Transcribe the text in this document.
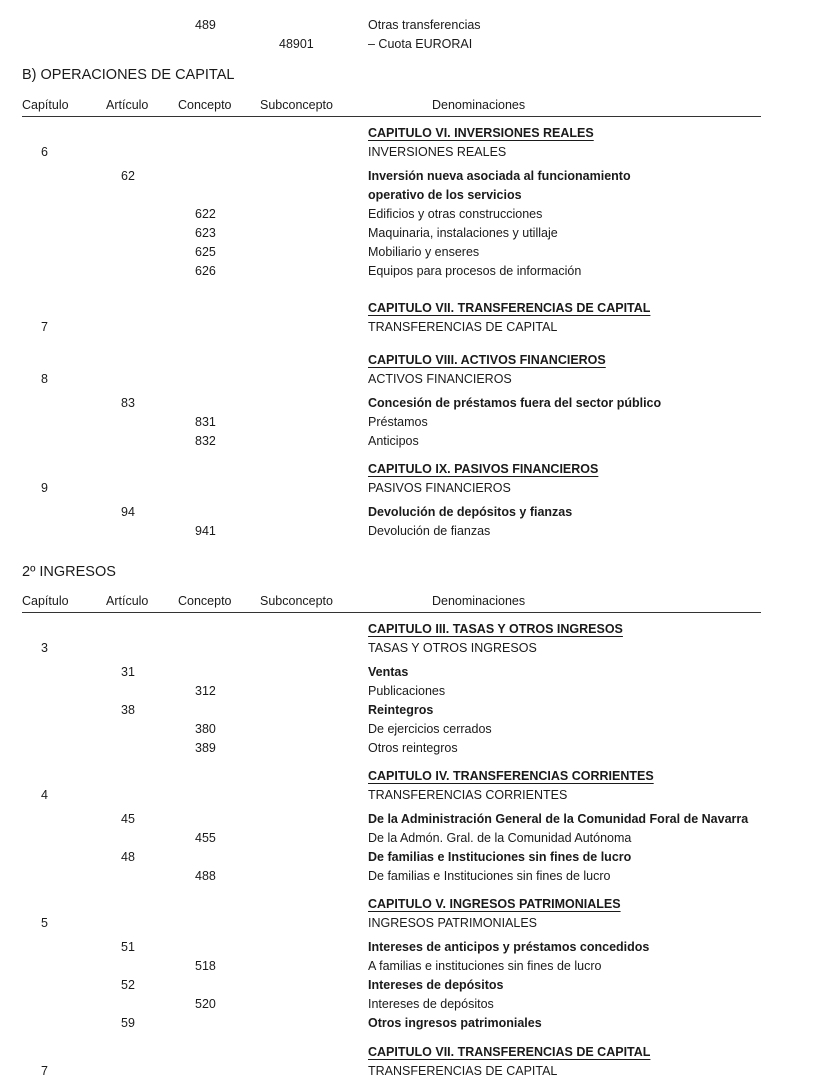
489	Otras transferencias
48901	– Cuota EURORAI
B) OPERACIONES DE CAPITAL
Capítulo	Artículo Concepto Subconcepto	Denominaciones
CAPITULO VI. INVERSIONES REALES
6	INVERSIONES REALES
62	Inversión nueva asociada al funcionamiento
operativo de los servicios
622	Edificios y otras construcciones
623	Maquinaria, instalaciones y utillaje
625	Mobiliario y enseres
626	Equipos para procesos de información
CAPITULO VII. TRANSFERENCIAS DE CAPITAL
7	TRANSFERENCIAS DE CAPITAL
CAPITULO VIII. ACTIVOS FINANCIEROS
8	ACTIVOS FINANCIEROS
83	Concesión de préstamos fuera del sector público
831	Préstamos
832	Anticipos
CAPITULO IX. PASIVOS FINANCIEROS
9	PASIVOS FINANCIEROS
94	Devolución de depósitos y fianzas
941	Devolución de fianzas
2º INGRESOS
Capítulo	Artículo Concepto Subconcepto	Denominaciones
CAPITULO III. TASAS Y OTROS INGRESOS
3	TASAS Y OTROS INGRESOS
31	Ventas
312	Publicaciones
38	Reintegros
380	De ejercicios cerrados
389	Otros reintegros
CAPITULO IV. TRANSFERENCIAS CORRIENTES
4	TRANSFERENCIAS CORRIENTES
45	De la Administración General de la Comunidad Foral de Navarra
455	De la Admón. Gral. de la Comunidad Autónoma
48	De familias e Instituciones sin fines de lucro
488	De familias e Instituciones sin fines de lucro
CAPITULO V. INGRESOS PATRIMONIALES
5	INGRESOS PATRIMONIALES
51	Intereses de anticipos y préstamos concedidos
518	A familias e instituciones sin fines de lucro
52	Intereses de depósitos
520	Intereses de depósitos
59	Otros ingresos patrimoniales
CAPITULO VII. TRANSFERENCIAS DE CAPITAL
7	TRANSFERENCIAS DE CAPITAL
